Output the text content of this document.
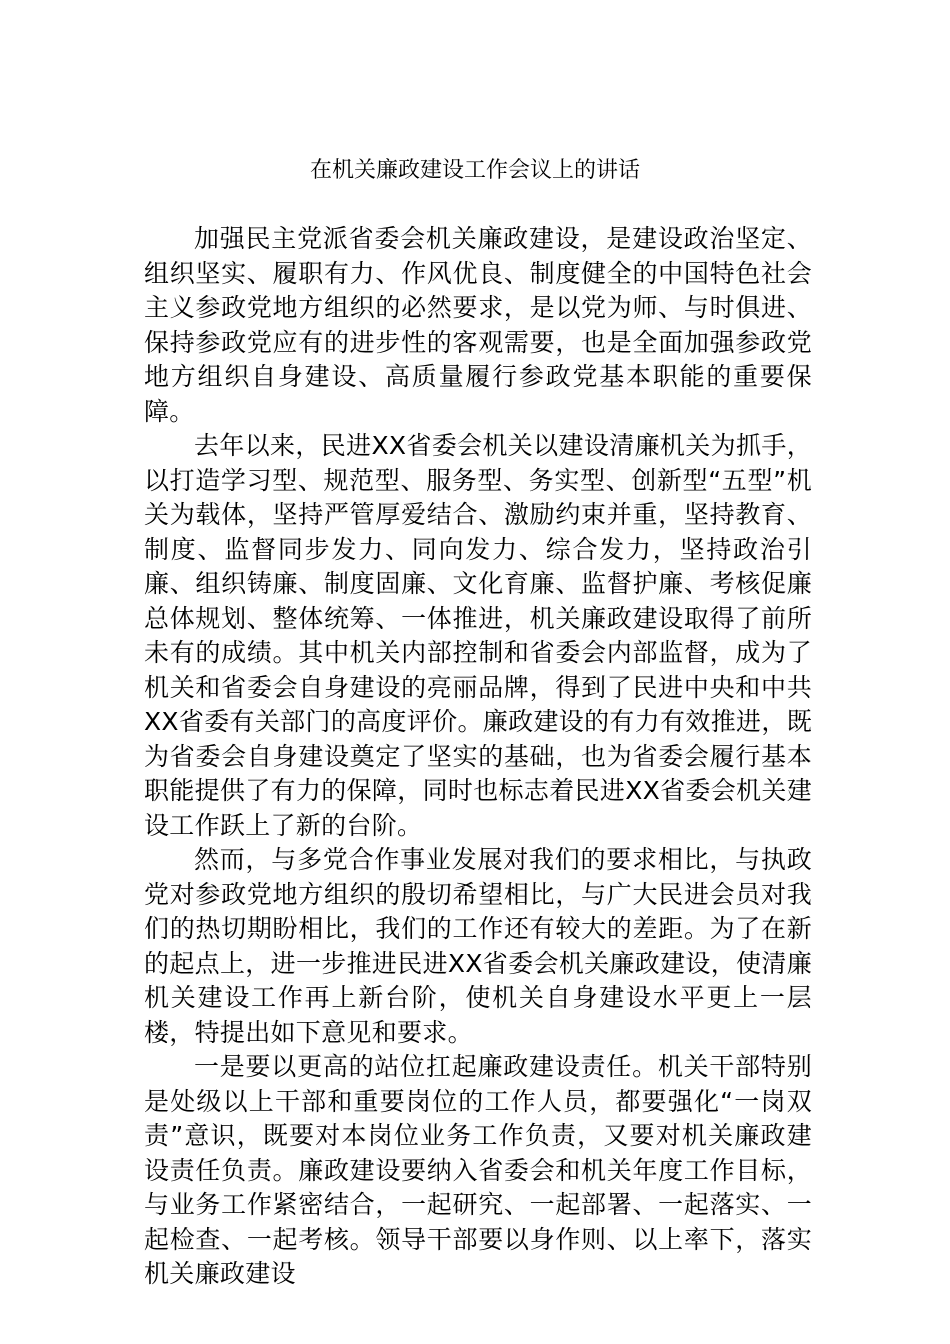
在机关廉政建设工作会议上的讲话

加强民主党派省委会机关廉政建设，是建设政治坚定、组织坚实、履职有力、作风优良、制度健全的中国特色社会主义参政党地方组织的必然要求，是以党为师、与时俱进、保持参政党应有的进步性的客观需要，也是全面加强参政党地方组织自身建设、高质量履行参政党基本职能的重要保障。

去年以来，民进XX省委会机关以建设清廉机关为抓手，以打造学习型、规范型、服务型、务实型、创新型“五型”机关为载体，坚持严管厚爱结合、激励约束并重，坚持教育、制度、监督同步发力、同向发力、综合发力，坚持政治引廉、组织铸廉、制度固廉、文化育廉、监督护廉、考核促廉总体规划、整体统筹、一体推进，机关廉政建设取得了前所未有的成绩。其中机关内部控制和省委会内部监督，成为了机关和省委会自身建设的亮丽品牌，得到了民进中央和中共XX省委有关部门的高度评价。廉政建设的有力有效推进，既为省委会自身建设奠定了坚实的基础，也为省委会履行基本职能提供了有力的保障，同时也标志着民进XX省委会机关建设工作跃上了新的台阶。

然而，与多党合作事业发展对我们的要求相比，与执政党对参政党地方组织的殷切希望相比，与广大民进会员对我们的热切期盼相比，我们的工作还有较大的差距。为了在新的起点上，进一步推进民进XX省委会机关廉政建设，使清廉机关建设工作再上新台阶，使机关自身建设水平更上一层楼，特提出如下意见和要求。

一是要以更高的站位扛起廉政建设责任。机关干部特别是处级以上干部和重要岗位的工作人员，都要强化“一岗双责”意识，既要对本岗位业务工作负责，又要对机关廉政建设责任负责。廉政建设要纳入省委会和机关年度工作目标，与业务工作紧密结合，一起研究、一起部署、一起落实、一起检查、一起考核。领导干部要以身作则、以上率下，落实机关廉政建设
